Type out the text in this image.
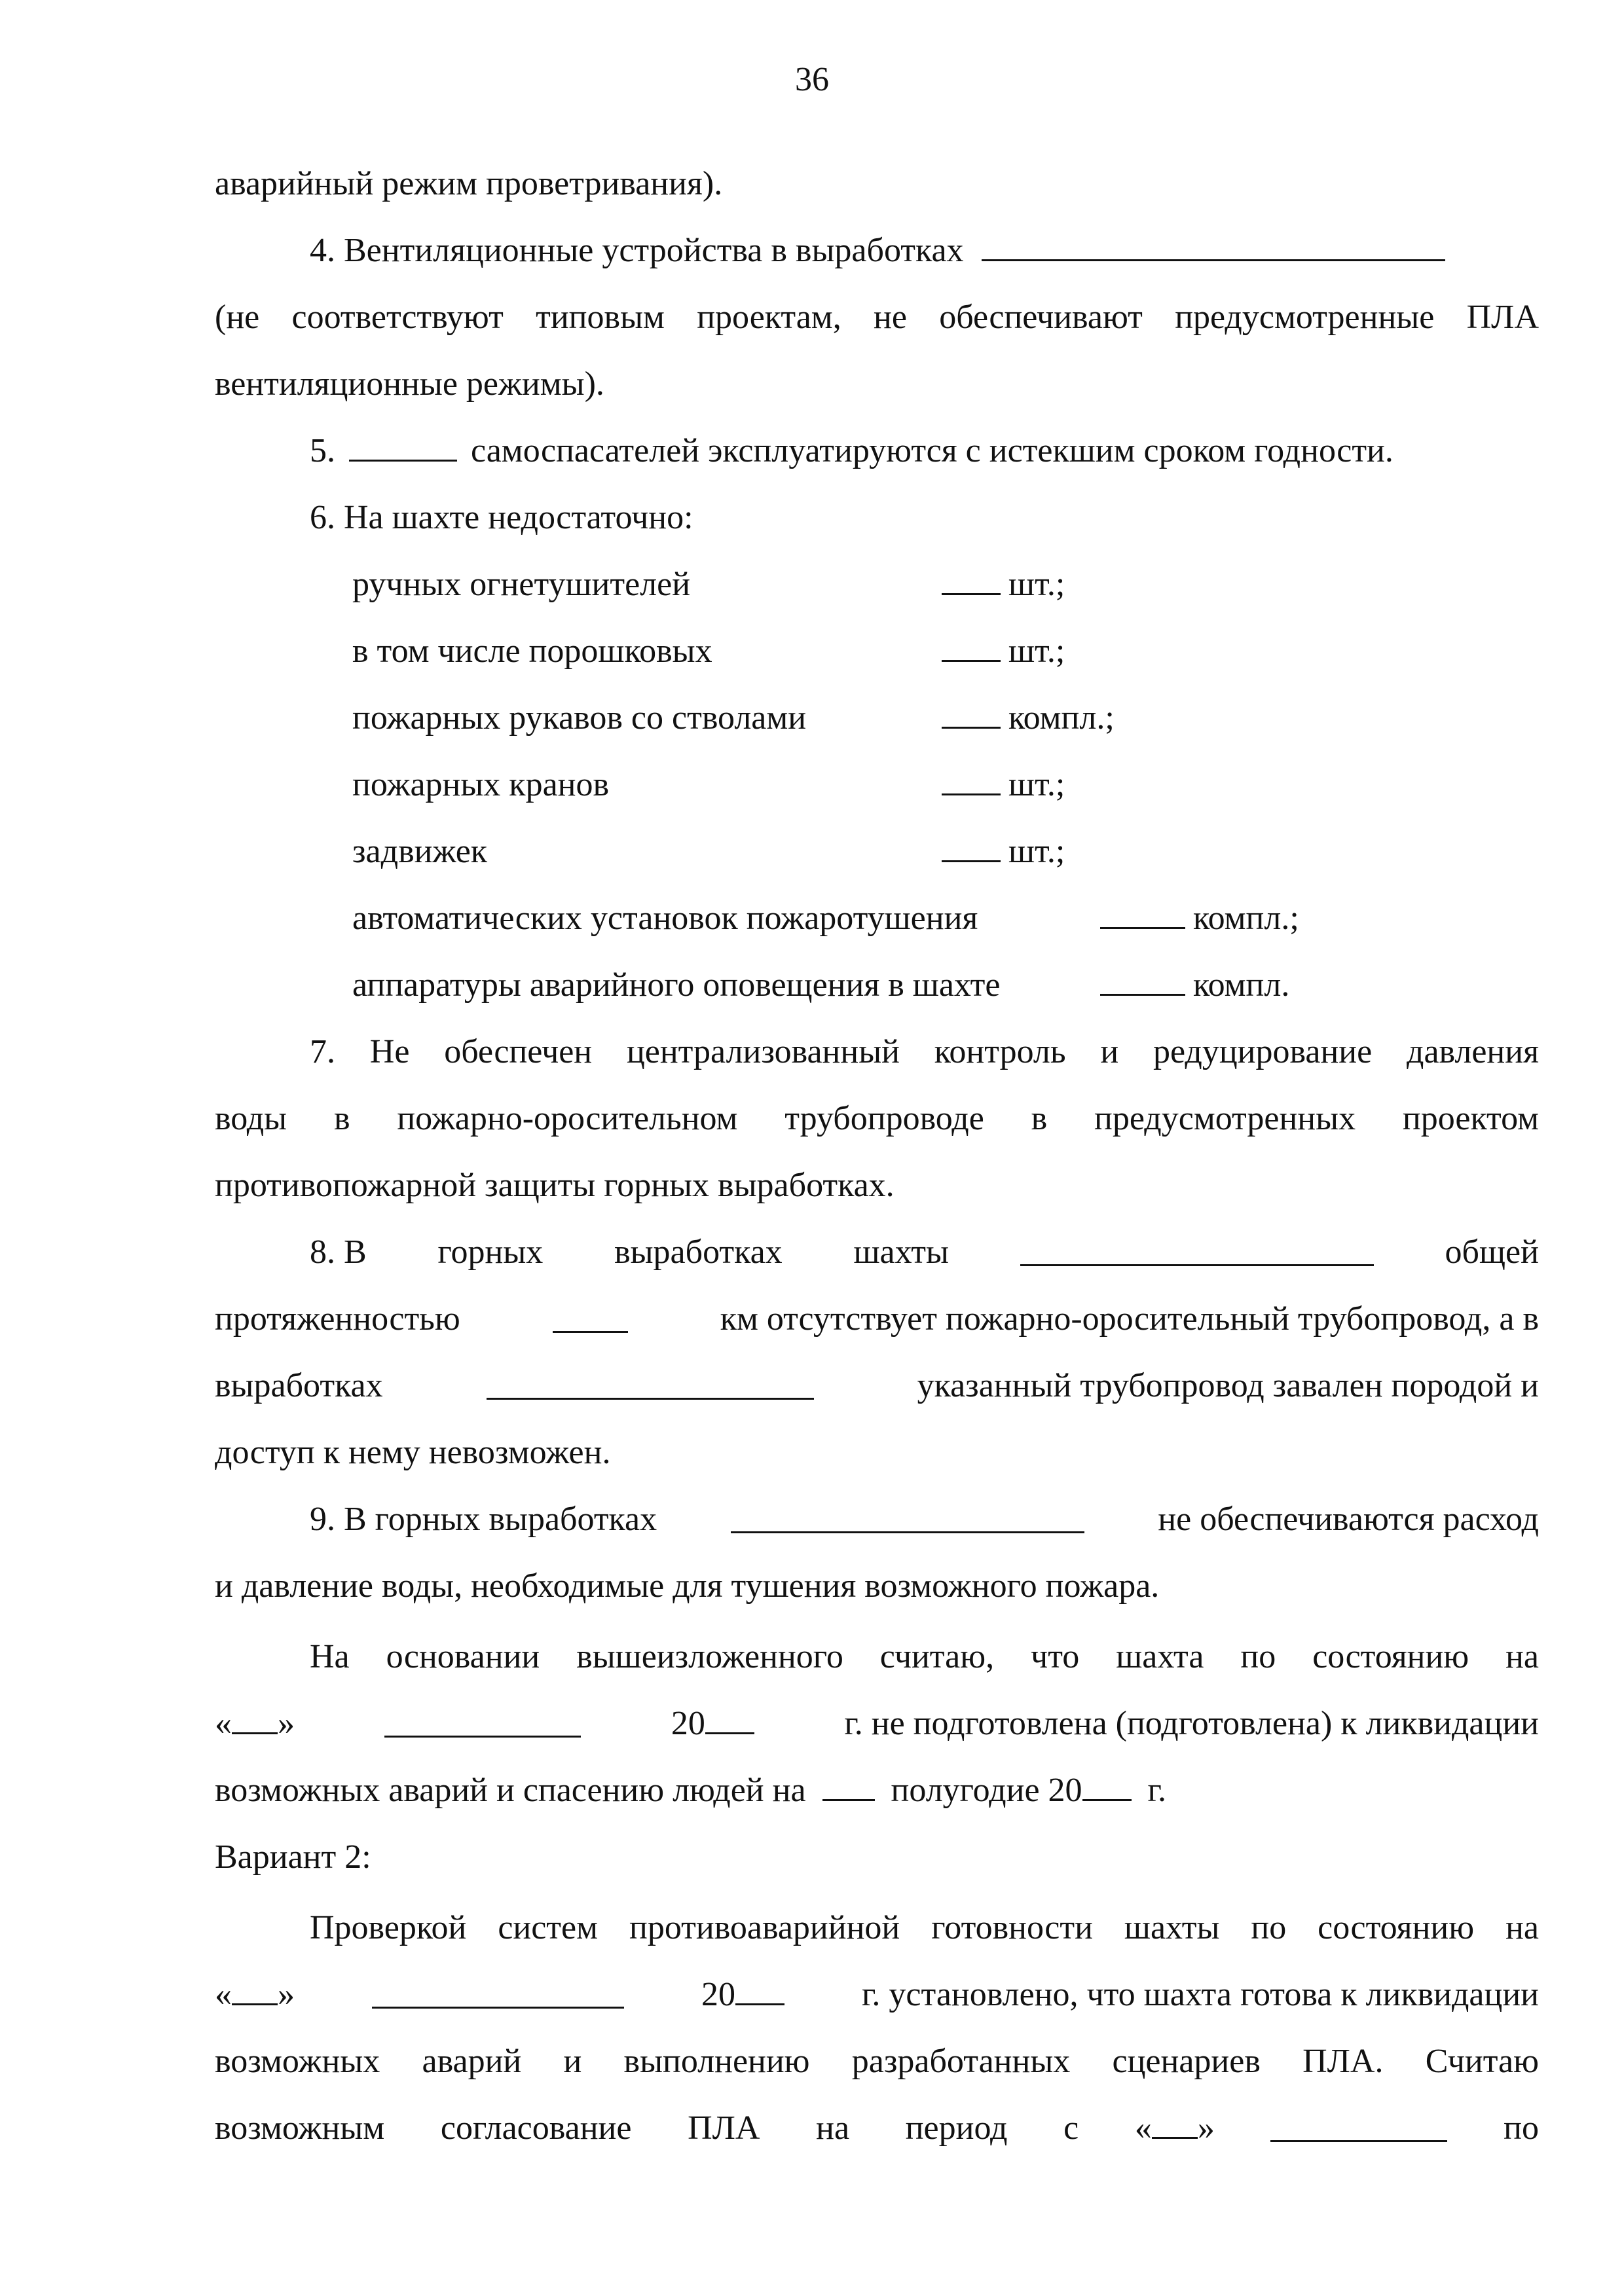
36
аварийный режим проветривания).
4. Вентиляционные устройства в выработках
(не соответствуют типовым проектам, не обеспечивают предусмотренные ПЛА
вентиляционные режимы).
5.	самоспасателей эксплуатируются с истекшим сроком годности.
6. На шахте недостаточно:
ручных огнетушителей	шт.;
в том числе порошковых	шт.;
пожарных рукавов со стволами	компл.;
пожарных кранов	шт.;
задвижек	шт.;
автоматических установок пожаротушения	компл.;
аппаратуры аварийного оповещения в шахте	компл.
7. Не обеспечен централизованный контроль и редуцирование давления
воды в пожарно-оросительном трубопроводе в предусмотренных проектом
противопожарной защиты горных выработках.
8. В горных выработках шахты	общей
протяженностью	км отсутствует пожарно-оросительный трубопровод, а в
выработках	указанный трубопровод завален породой и
доступ к нему невозможен.
9. В горных выработках	не обеспечиваются расход
и давление воды, необходимые для тушения возможного пожара.
На основании вышеизложенного считаю, что шахта по состоянию на
« »	20	г. не подготовлена (подготовлена) к ликвидации
возможных аварий и спасению людей на	полугодие 20 г.
Вариант 2:
Проверкой систем противоаварийной готовности шахты по состоянию на
« »	20	г. установлено, что шахта готова к ликвидации
возможных аварий и выполнению разработанных сценариев ПЛА. Считаю
возможным согласование ПЛА на период с « »	по
